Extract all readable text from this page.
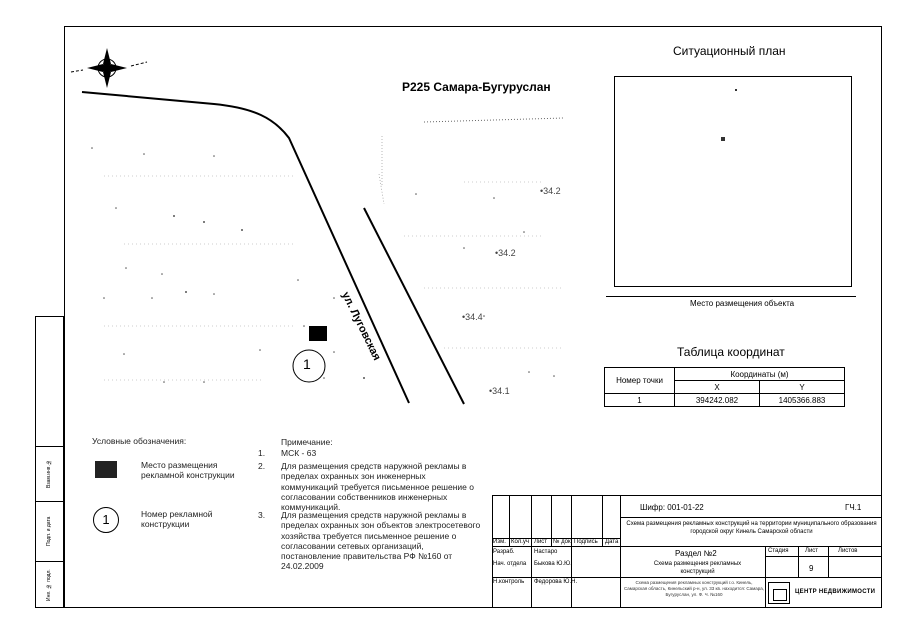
Взам.инв.№
Подп. и дата
Инв. № подл.
Р225 Самара-Бугуруслан
ул. Луговская
•34.2
•34.2
•34.4
•34.1
1
Ситуационный план
Место размещения объекта
Таблица координат
Номер точки	Координаты (м)	
	X	Y
1	394242.082	1405366.883
Условные обозначения:
Место размещения рекламной конструкции
1	Номер рекламной конструкции
Примечание:
1. МСК - 63
2. Для размещения средств наружной рекламы в пределах охранных зон инженерных коммуникаций требуется письменное решение о согласовании собственников инженерных коммуникаций.
3. Для размещения средств наружной рекламы в пределах охранных зон объектов электросетевого хозяйства требуется письменное решение о согласовании сетевых организаций, постановление правительства РФ №160 от 24.02.2009
Шифр: 001-01-22	ГЧ.1
Схема размещения рекламных конструкций на территории муниципального образования городской округ Кинель Самарской области
Изм. Кол.уч Лист № док. Подпись Дата
Разраб.	Настаро
Нач. отдела Быкова Ю.Ю.
Н.контроль Федорова Ю.Н.
Раздел №2
Схема размещения рекламных конструкций
Стадия	Лист	Листов
9
Схема размещения рекламных конструкций г.о. Кинель, Самарская область, Кинельский р-н, ул. 33 кв. находится: Самара, Бугуруслан, ул. Ф. Ч. №160	ЦЕНТР НЕДВИЖИМОСТИ
